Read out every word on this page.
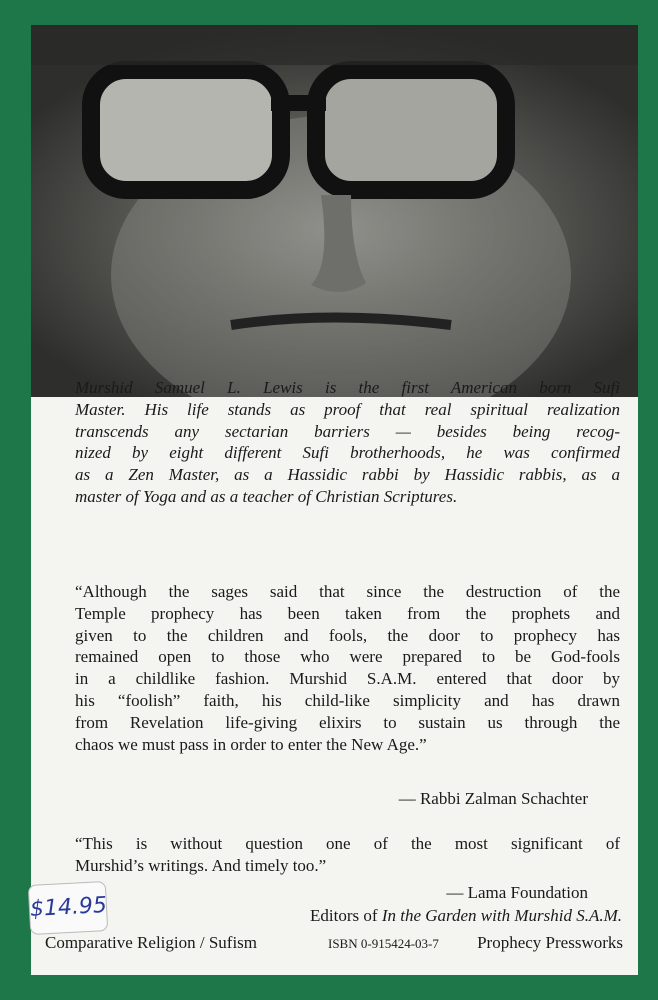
Murshid Samuel L. Lewis is the first American born Sufi
Master. His life stands as proof that real spiritual realization
transcends any sectarian barriers — besides being recog-
nized by eight different Sufi brotherhoods, he was confirmed
as a Zen Master, as a Hassidic rabbi by Hassidic rabbis, as a
master of Yoga and as a teacher of Christian Scriptures.
“Although the sages said that since the destruction of the
Temple prophecy has been taken from the prophets and
given to the children and fools, the door to prophecy has
remained open to those who were prepared to be God-fools
in a childlike fashion. Murshid S.A.M. entered that door by
his “foolish” faith, his child-like simplicity and has drawn
from Revelation life-giving elixirs to sustain us through the
chaos we must pass in order to enter the New Age.”
— Rabbi Zalman Schachter
“This is without question one of the most significant of
Murshid’s writings. And timely too.”
— Lama Foundation
Editors of In the Garden with Murshid S.A.M.
Comparative Religion / Sufism	ISBN 0-915424-03-7 Prophecy Pressworks
$14.95
